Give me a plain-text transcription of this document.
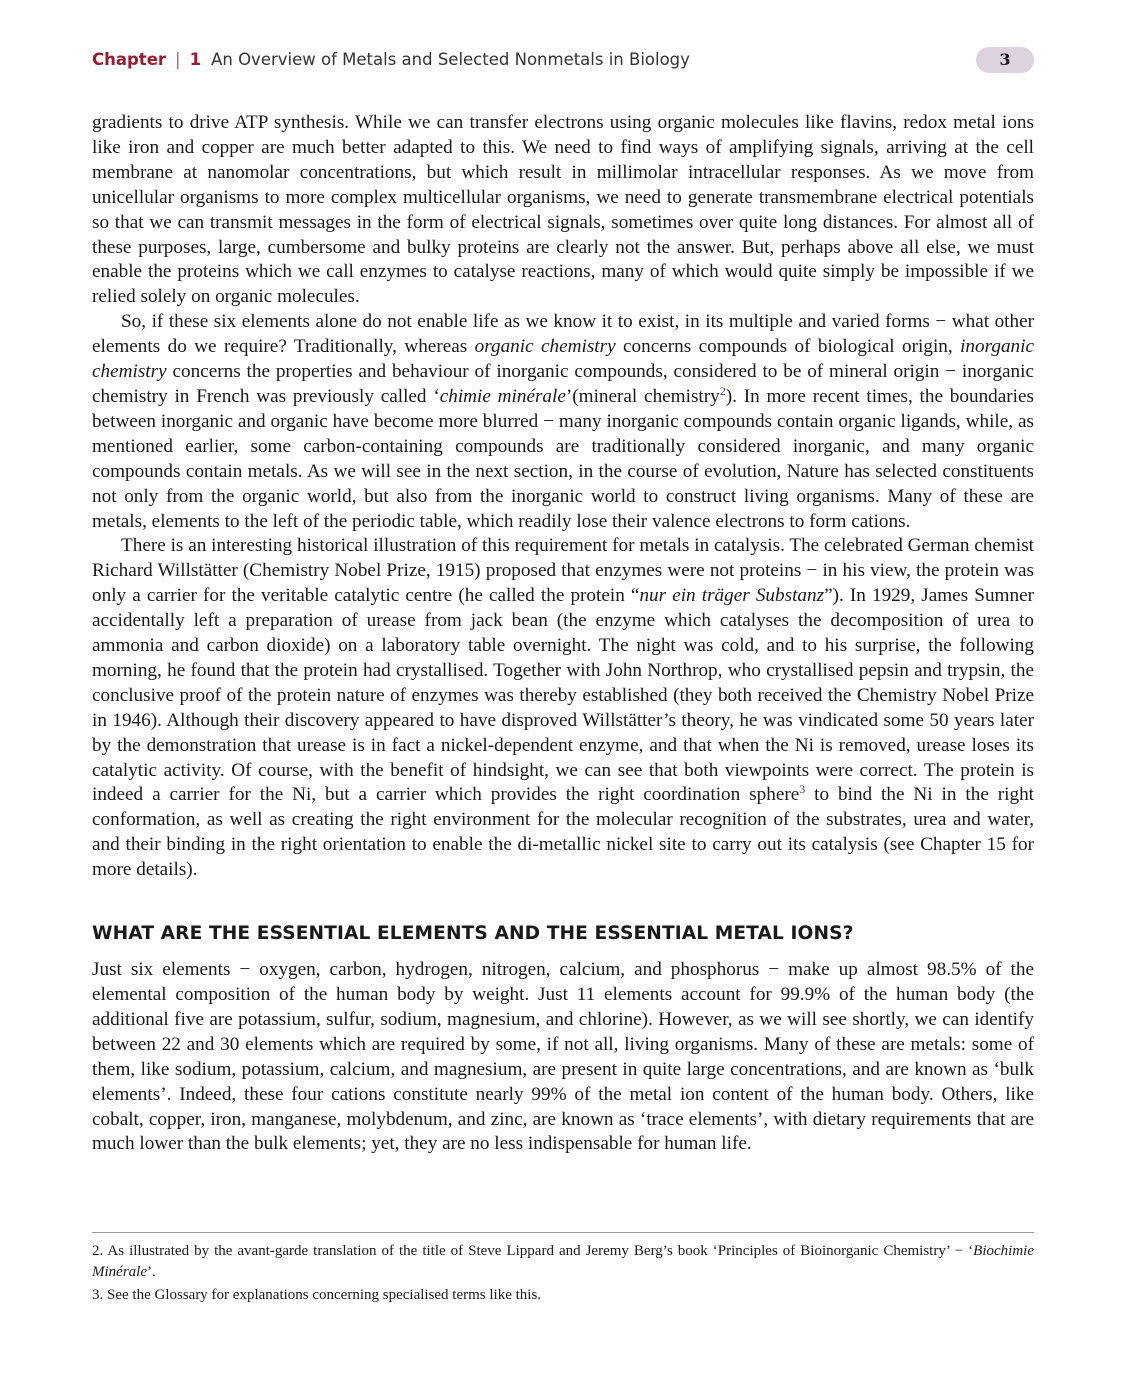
Chapter | 1 An Overview of Metals and Selected Nonmetals in Biology	3

gradients to drive ATP synthesis. While we can transfer electrons using organic molecules like flavins, redox metal ions like iron and copper are much better adapted to this. We need to find ways of amplifying signals, arriving at the cell membrane at nanomolar concentrations, but which result in millimolar intracellular responses. As we move from unicellular organisms to more complex multicellular organisms, we need to generate transmembrane electrical potentials so that we can transmit messages in the form of electrical signals, sometimes over quite long distances. For almost all of these purposes, large, cumbersome and bulky proteins are clearly not the answer. But, perhaps above all else, we must enable the proteins which we call enzymes to catalyse reactions, many of which would quite simply be impossible if we relied solely on organic molecules.

So, if these six elements alone do not enable life as we know it to exist, in its multiple and varied forms − what other elements do we require? Traditionally, whereas organic chemistry concerns compounds of biological origin, inorganic chemistry concerns the properties and behaviour of inorganic compounds, considered to be of mineral origin − inorganic chemistry in French was previously called ‘chimie minérale’(mineral chemistry$^2$). In more recent times, the boundaries between inorganic and organic have become more blurred − many inorganic compounds contain organic ligands, while, as mentioned earlier, some carbon-containing compounds are traditionally considered inorganic, and many organic compounds contain metals. As we will see in the next section, in the course of evolution, Nature has selected constituents not only from the organic world, but also from the inorganic world to construct living organisms. Many of these are metals, elements to the left of the periodic table, which readily lose their valence electrons to form cations.

There is an interesting historical illustration of this requirement for metals in catalysis. The celebrated German chemist Richard Willstätter (Chemistry Nobel Prize, 1915) proposed that enzymes were not proteins − in his view, the protein was only a carrier for the veritable catalytic centre (he called the protein “nur ein träger Substanz”). In 1929, James Sumner accidentally left a preparation of urease from jack bean (the enzyme which catalyses the decomposition of urea to ammonia and carbon dioxide) on a laboratory table overnight. The night was cold, and to his surprise, the following morning, he found that the protein had crystallised. Together with John Northrop, who crystallised pepsin and trypsin, the conclusive proof of the protein nature of enzymes was thereby established (they both received the Chemistry Nobel Prize in 1946). Although their discovery appeared to have disproved Willstätter’s theory, he was vindicated some 50 years later by the demonstration that urease is in fact a nickel-dependent enzyme, and that when the Ni is removed, urease loses its catalytic activity. Of course, with the benefit of hindsight, we can see that both viewpoints were correct. The protein is indeed a carrier for the Ni, but a carrier which provides the right coordination sphere$^3$ to bind the Ni in the right conformation, as well as creating the right environment for the molecular recognition of the substrates, urea and water, and their binding in the right orientation to enable the di-metallic nickel site to carry out its catalysis (see Chapter 15 for more details).

WHAT ARE THE ESSENTIAL ELEMENTS AND THE ESSENTIAL METAL IONS?

Just six elements − oxygen, carbon, hydrogen, nitrogen, calcium, and phosphorus − make up almost 98.5% of the elemental composition of the human body by weight. Just 11 elements account for 99.9% of the human body (the additional five are potassium, sulfur, sodium, magnesium, and chlorine). However, as we will see shortly, we can identify between 22 and 30 elements which are required by some, if not all, living organisms. Many of these are metals: some of them, like sodium, potassium, calcium, and magnesium, are present in quite large concentrations, and are known as ‘bulk elements’. Indeed, these four cations constitute nearly 99% of the metal ion content of the human body. Others, like cobalt, copper, iron, manganese, molybdenum, and zinc, are known as ‘trace elements’, with dietary requirements that are much lower than the bulk elements; yet, they are no less indispensable for human life.

2. As illustrated by the avant-garde translation of the title of Steve Lippard and Jeremy Berg’s book ‘Principles of Bioinorganic Chemistry’ − ‘Biochimie Minérale’.

3. See the Glossary for explanations concerning specialised terms like this.
